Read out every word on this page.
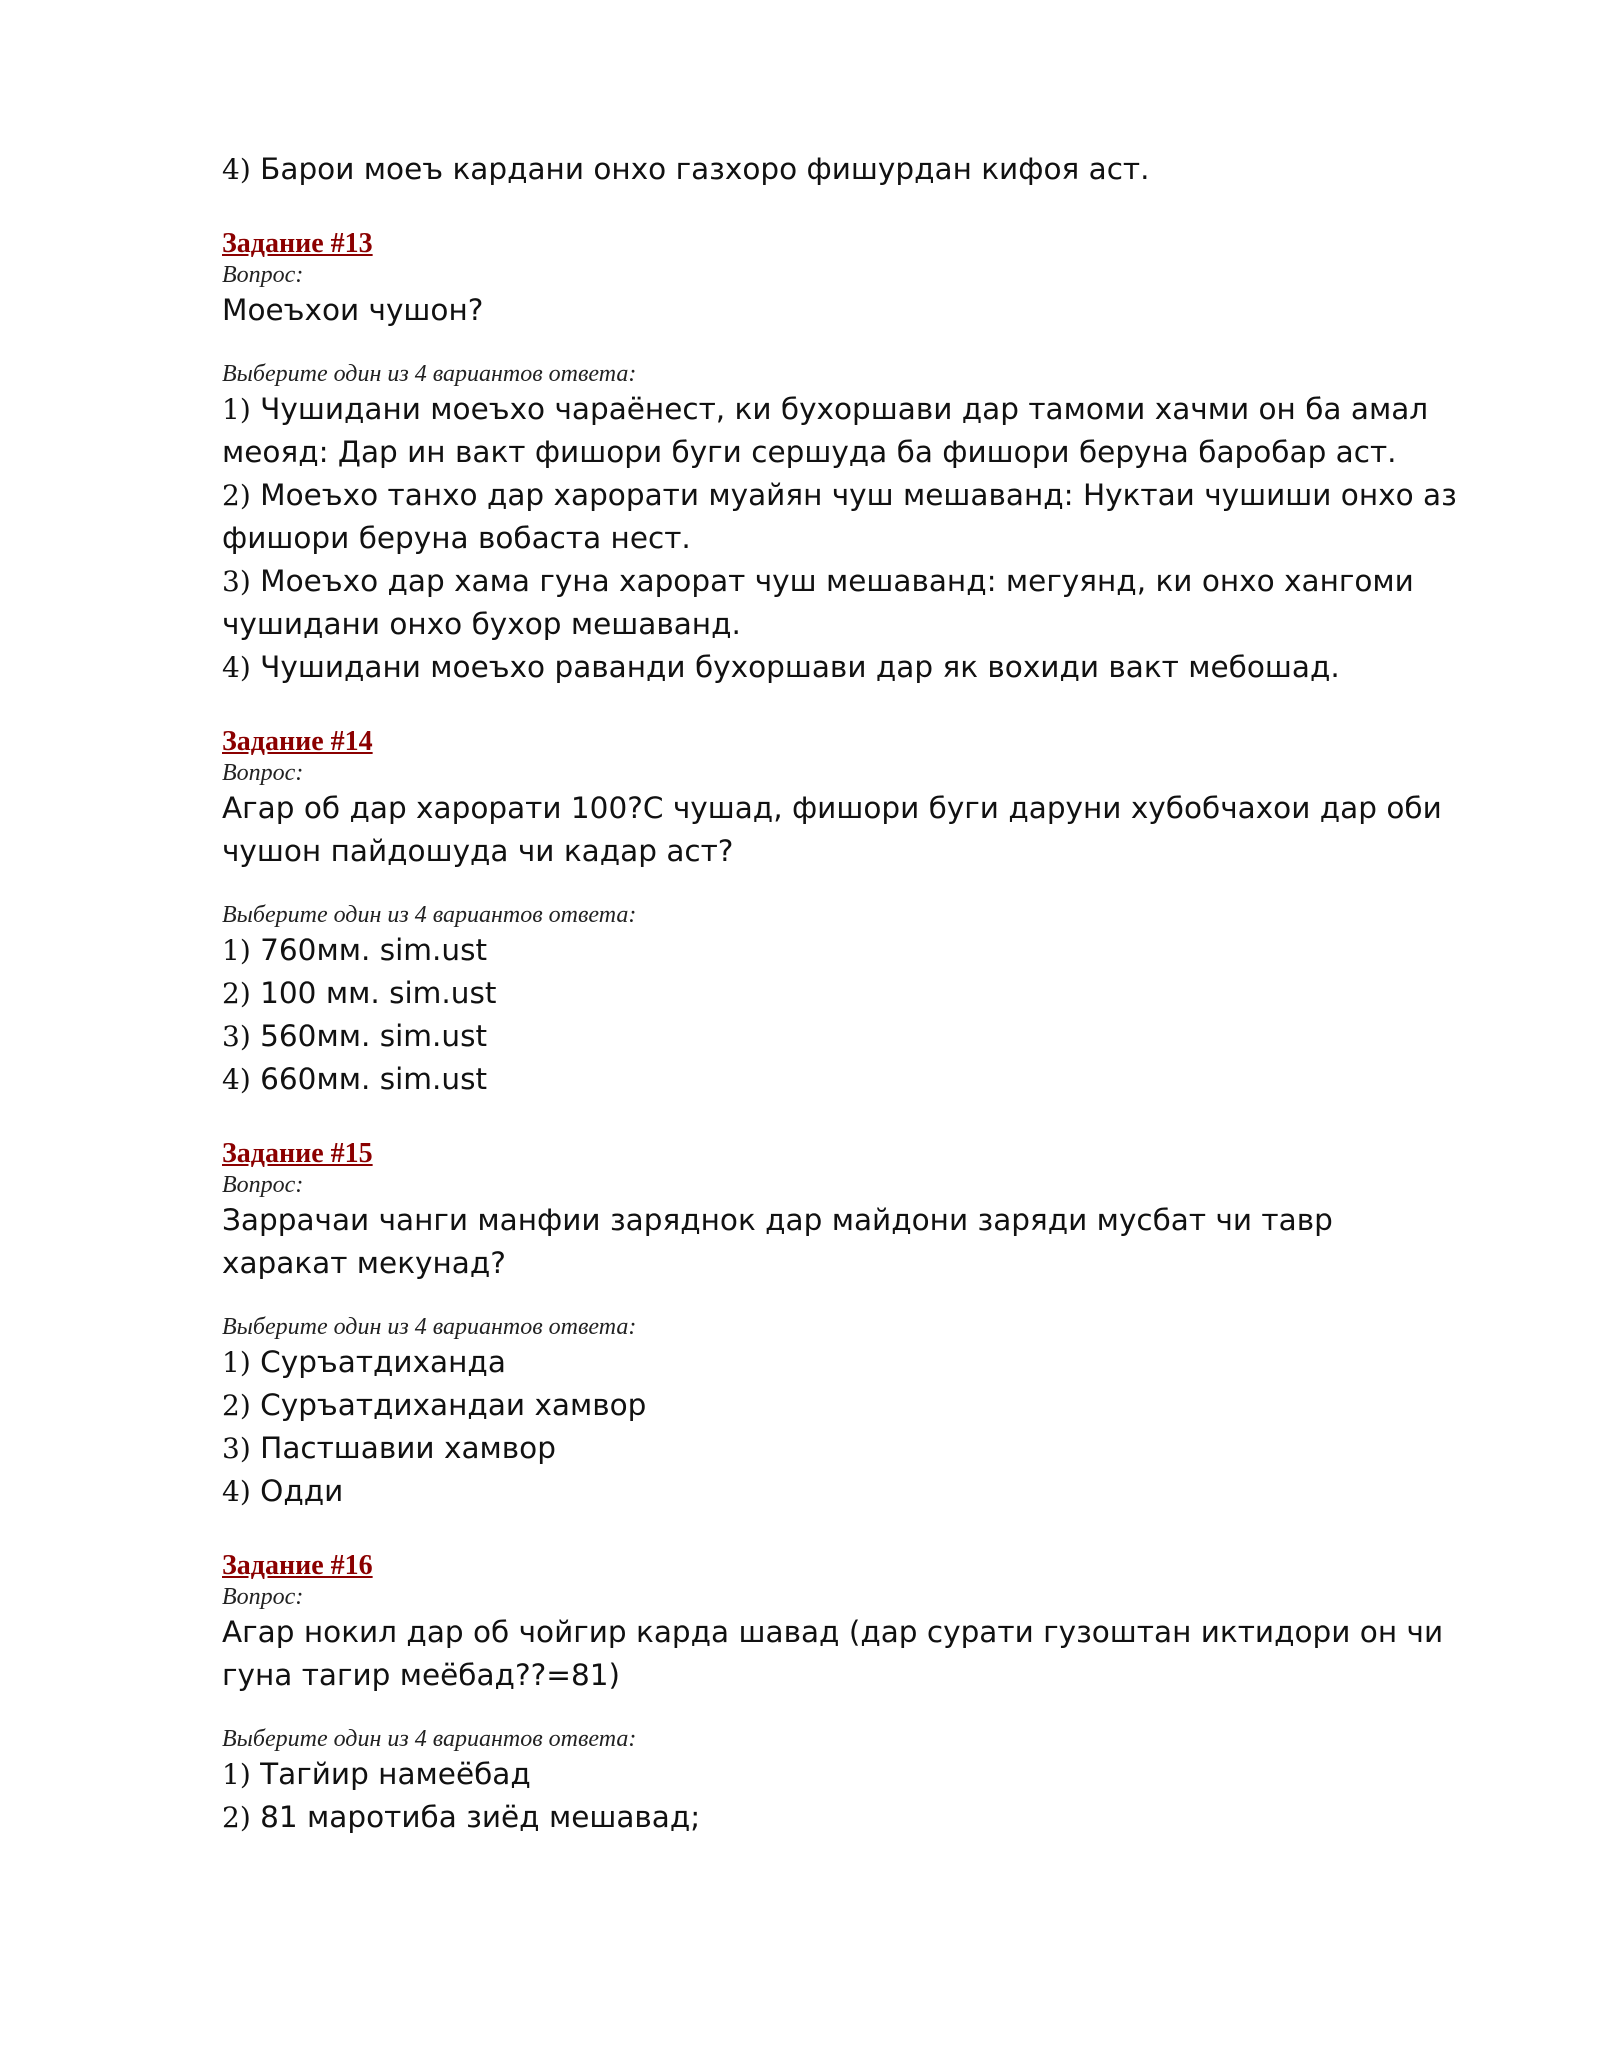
4) Барои моеъ кардани онхо газхоро фишурдан кифоя аст.
Задание #13
Вопрос:
Моеъхои чушон?
Выберите один из 4 вариантов ответа:
1) Чушидани моеъхо чараёнест, ки бухоршави дар тамоми хачми он ба амал меояд: Дар ин вакт фишори буги сершуда ба фишори беруна баробар аст.
2) Моеъхо танхо дар харорати муайян чуш мешаванд: Нуктаи чушиши онхо аз фишори беруна вобаста нест.
3) Моеъхо дар хама гуна харорат чуш мешаванд: мегуянд, ки онхо хангоми чушидани онхо бухор мешаванд.
4) Чушидани моеъхо раванди бухоршави дар як вохиди вакт мебошад.
Задание #14
Вопрос:
Агар об дар харорати 100?С чушад, фишори буги даруни хубобчахои дар оби чушон пайдошуда чи кадар аст?
Выберите один из 4 вариантов ответа:
1) 760мм. sim.ust
2) 100 мм. sim.ust
3) 560мм. sim.ust
4) 660мм. sim.ust
Задание #15
Вопрос:
Заррачаи чанги манфии заряднок дар майдони заряди мусбат чи тавр харакат мекунад?
Выберите один из 4 вариантов ответа:
1) Суръатдиханда
2) Суръатдихандаи хамвор
3) Пастшавии хамвор
4) Одди
Задание #16
Вопрос:
Агар нокил дар об чойгир карда шавад (дар сурати гузоштан иктидори он чи гуна тагир меёбад??=81)
Выберите один из 4 вариантов ответа:
1) Тагйир намеёбад
2) 81 маротиба зиёд мешавад;
